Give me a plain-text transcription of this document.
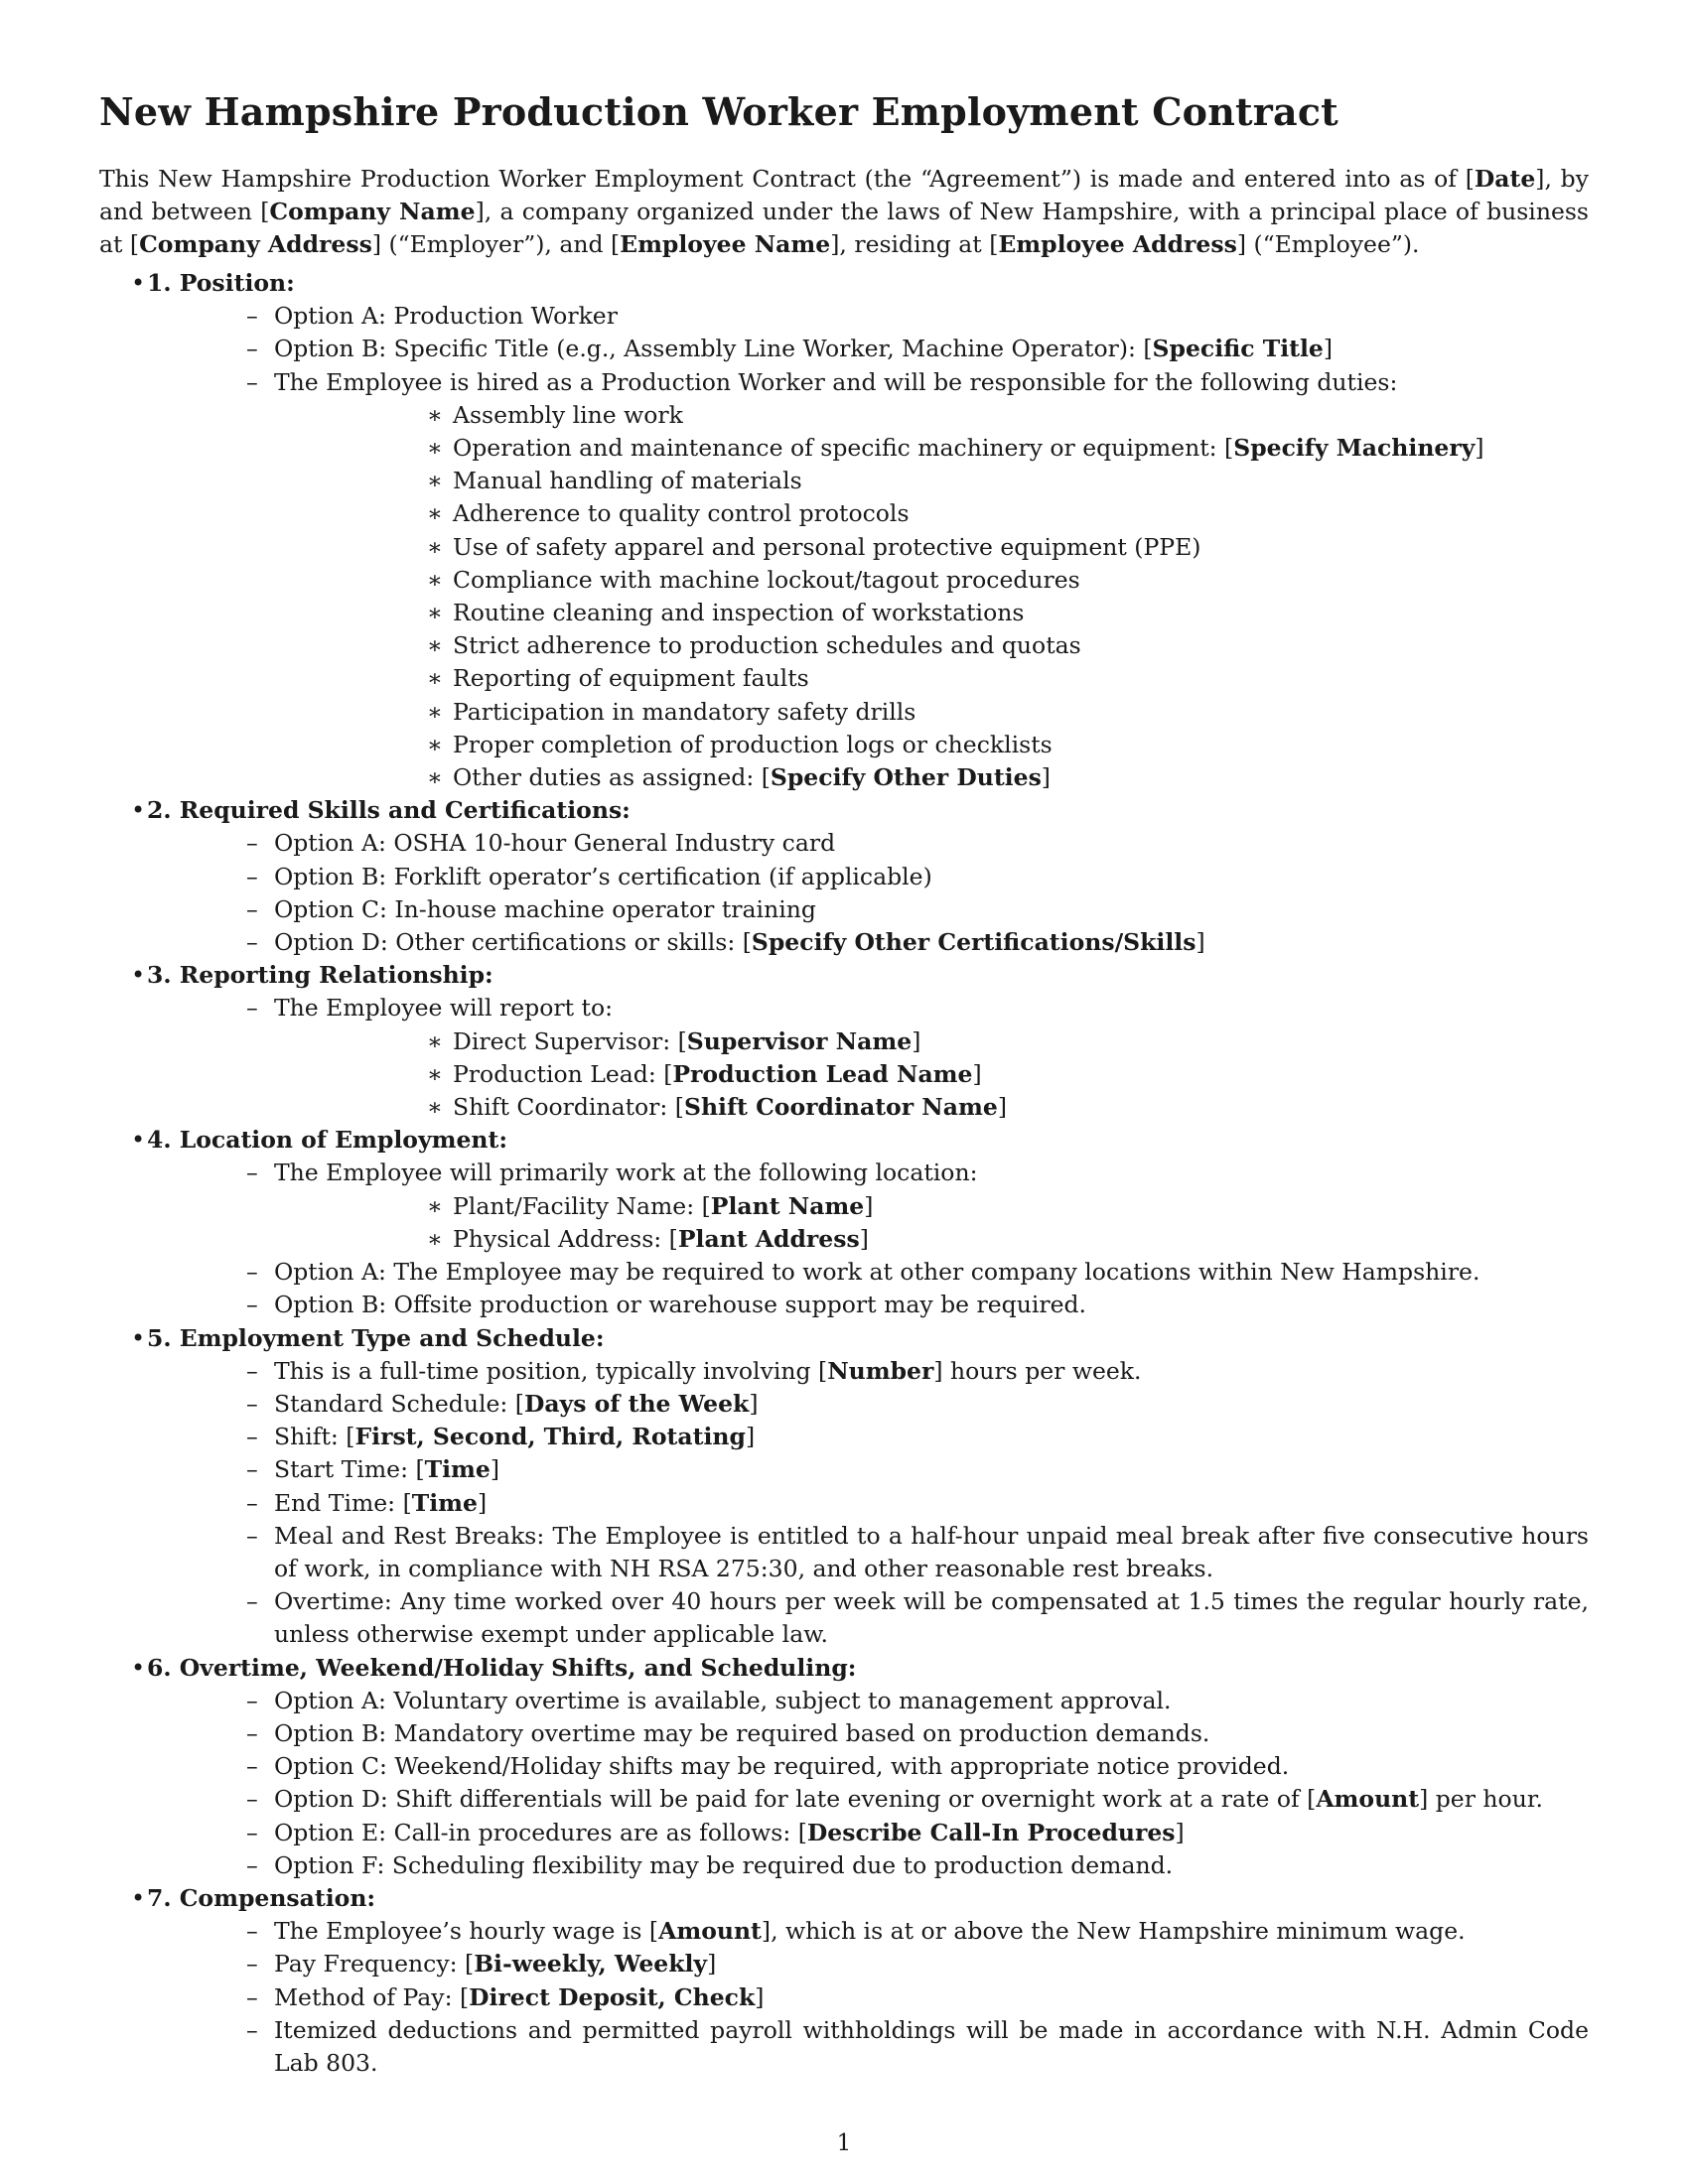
New Hampshire Production Worker Employment Contract

This New Hampshire Production Worker Employment Contract (the “Agreement”) is made and entered into as of [Date], by and between [Company Name], a company organized under the laws of New Hampshire, with a principal place of business at [Company Address] (“Employer”), and [Employee Name], residing at [Employee Address] (“Employee”).

• 1. Position:
– Option A: Production Worker
– Option B: Specific Title (e.g., Assembly Line Worker, Machine Operator): [Specific Title]
– The Employee is hired as a Production Worker and will be responsible for the following duties:
∗ Assembly line work
∗ Operation and maintenance of specific machinery or equipment: [Specify Machinery]
∗ Manual handling of materials
∗ Adherence to quality control protocols
∗ Use of safety apparel and personal protective equipment (PPE)
∗ Compliance with machine lockout/tagout procedures
∗ Routine cleaning and inspection of workstations
∗ Strict adherence to production schedules and quotas
∗ Reporting of equipment faults
∗ Participation in mandatory safety drills
∗ Proper completion of production logs or checklists
∗ Other duties as assigned: [Specify Other Duties]
• 2. Required Skills and Certifications:
– Option A: OSHA 10-hour General Industry card
– Option B: Forklift operator’s certification (if applicable)
– Option C: In-house machine operator training
– Option D: Other certifications or skills: [Specify Other Certifications/Skills]
• 3. Reporting Relationship:
– The Employee will report to:
∗ Direct Supervisor: [Supervisor Name]
∗ Production Lead: [Production Lead Name]
∗ Shift Coordinator: [Shift Coordinator Name]
• 4. Location of Employment:
– The Employee will primarily work at the following location:
∗ Plant/Facility Name: [Plant Name]
∗ Physical Address: [Plant Address]
– Option A: The Employee may be required to work at other company locations within New Hampshire.
– Option B: Offsite production or warehouse support may be required.
• 5. Employment Type and Schedule:
– This is a full-time position, typically involving [Number] hours per week.
– Standard Schedule: [Days of the Week]
– Shift: [First, Second, Third, Rotating]
– Start Time: [Time]
– End Time: [Time]
– Meal and Rest Breaks: The Employee is entitled to a half-hour unpaid meal break after five consecutive hours of work, in compliance with NH RSA 275:30, and other reasonable rest breaks.
– Overtime: Any time worked over 40 hours per week will be compensated at 1.5 times the regular hourly rate, unless otherwise exempt under applicable law.
• 6. Overtime, Weekend/Holiday Shifts, and Scheduling:
– Option A: Voluntary overtime is available, subject to management approval.
– Option B: Mandatory overtime may be required based on production demands.
– Option C: Weekend/Holiday shifts may be required, with appropriate notice provided.
– Option D: Shift differentials will be paid for late evening or overnight work at a rate of [Amount] per hour.
– Option E: Call-in procedures are as follows: [Describe Call-In Procedures]
– Option F: Scheduling flexibility may be required due to production demand.
• 7. Compensation:
– The Employee’s hourly wage is [Amount], which is at or above the New Hampshire minimum wage.
– Pay Frequency: [Bi-weekly, Weekly]
– Method of Pay: [Direct Deposit, Check]
– Itemized deductions and permitted payroll withholdings will be made in accordance with N.H. Admin Code Lab 803.
1
